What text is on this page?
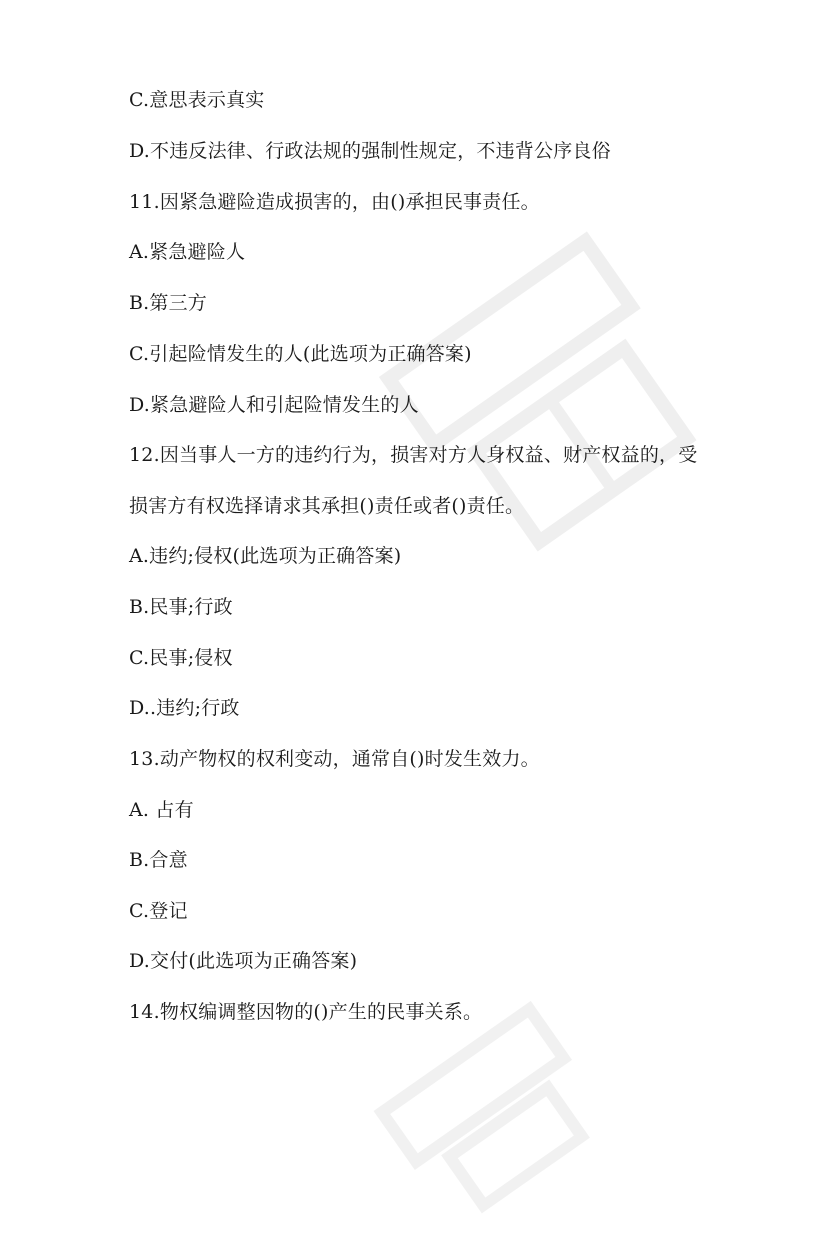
C.意思表示真实
D.不违反法律、行政法规的强制性规定，不违背公序良俗
11.因紧急避险造成损害的，由()承担民事责任。
A.紧急避险人
B.第三方
C.引起险情发生的人(此选项为正确答案)
D.紧急避险人和引起险情发生的人
12.因当事人一方的违约行为，损害对方人身权益、财产权益的，受
损害方有权选择请求其承担()责任或者()责任。
A.违约;侵权(此选项为正确答案)
B.民事;行政
C.民事;侵权
D..违约;行政
13.动产物权的权利变动，通常自()时发生效力。
A. 占有
B.合意
C.登记
D.交付(此选项为正确答案)
14.物权编调整因物的()产生的民事关系。
